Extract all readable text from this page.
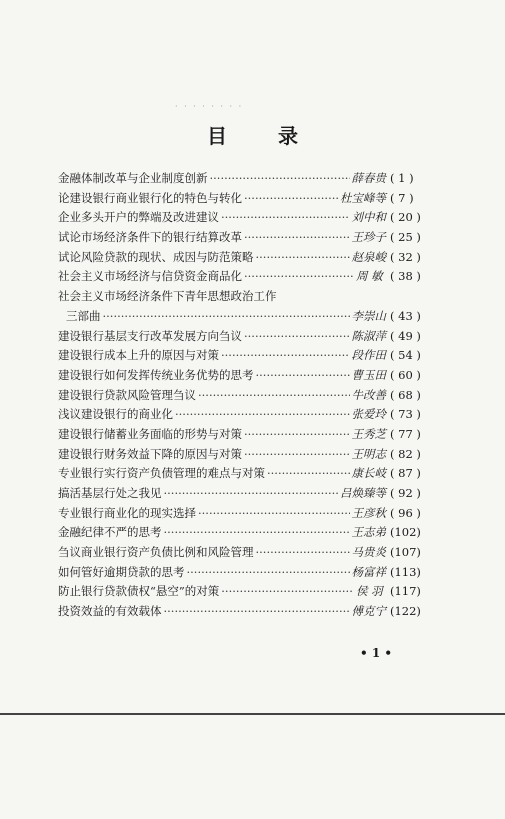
· · · · · · · ·
目 录
金融体制改革与企业制度创新 ·····	薛春贵 ( 1 )
论建设银行商业银行化的特色与转化 ·····	杜宝峰等 ( 7 )
企业多头开户的弊端及改进建议 ·····	刘中和 ( 20 )
试论市场经济条件下的银行结算改革 ·····	王珍子 ( 25 )
试论风险贷款的现状、成因与防范策略 ·····	赵泉峻 ( 32 )
社会主义市场经济与信贷资金商品化 ·····	周 敏 ( 38 )
社会主义市场经济条件下青年思想政治工作
三部曲 ·····	李崇山 ( 43 )
建设银行基层支行改革发展方向刍议 ·····	陈淑萍 ( 49 )
建设银行成本上升的原因与对策 ·····	段作田 ( 54 )
建设银行如何发挥传统业务优势的思考 ·····	曹玉田 ( 60 )
建设银行贷款风险管理刍议 ·····	牛改善 ( 68 )
浅议建设银行的商业化 ·····	张爱玲 ( 73 )
建设银行储蓄业务面临的形势与对策 ·····	王秀芝 ( 77 )
建设银行财务效益下降的原因与对策 ·····	王明志 ( 82 )
专业银行实行资产负债管理的难点与对策 ·····	康长岐 ( 87 )
搞活基层行处之我见 ·····	吕焕臻等 ( 92 )
专业银行商业化的现实选择 ·····	王彦秋 ( 96 )
金融纪律不严的思考 ·····	王志弟 (102)
刍议商业银行资产负债比例和风险管理 ·····	马贵炎 (107)
如何管好逾期贷款的思考 ·····	杨富祥 (113)
防止银行贷款债权“悬空”的对策 ·····	侯 羽 (117)
投资效益的有效载体 ·····	傅克宁 (122)
• 1 •
